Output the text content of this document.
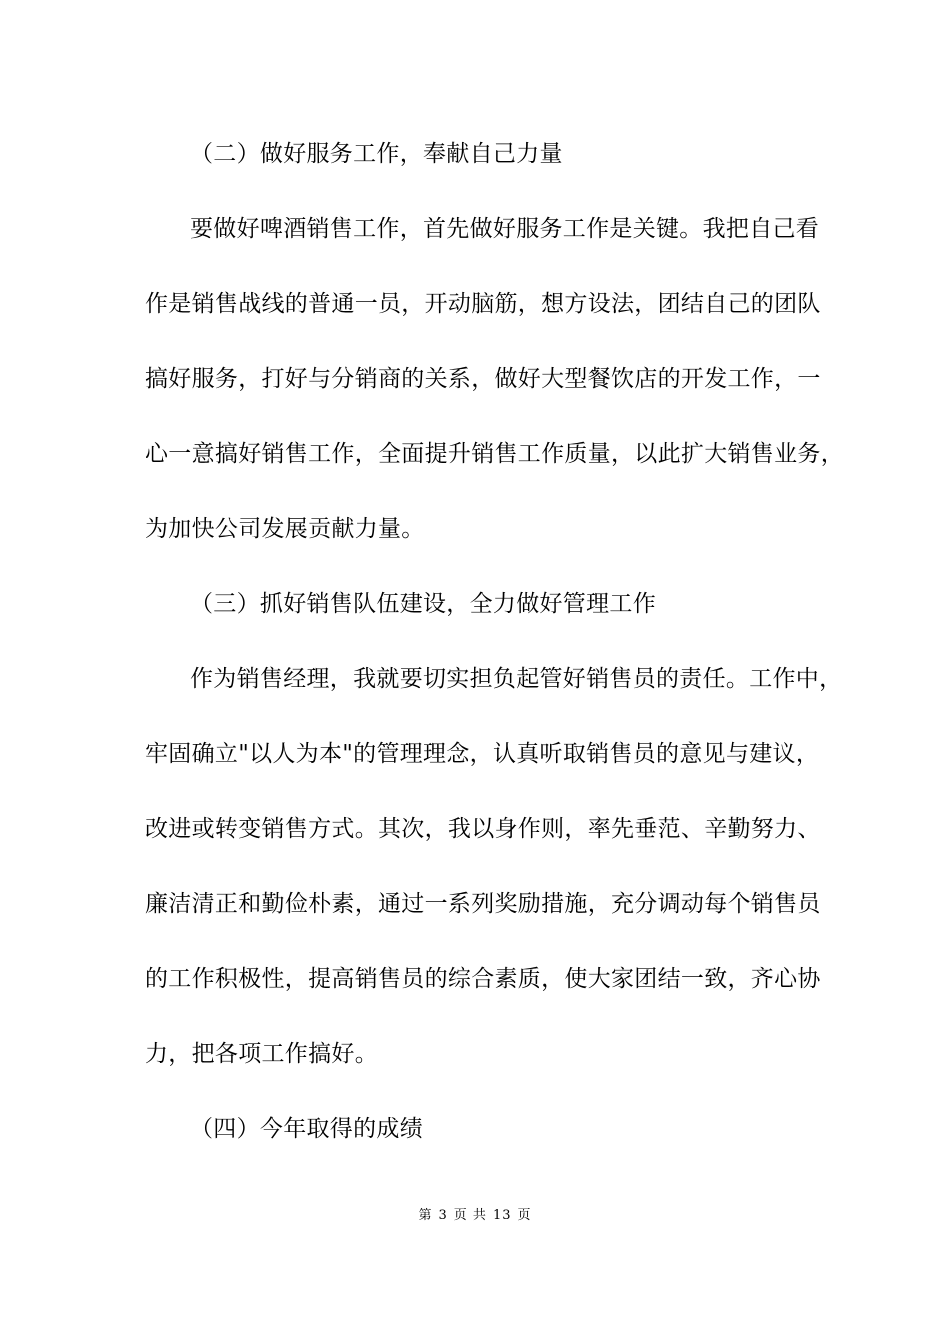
（二）做好服务工作，奉献自己力量
要做好啤酒销售工作，首先做好服务工作是关键。我把自己看
作是销售战线的普通一员，开动脑筋，想方设法，团结自己的团队
搞好服务，打好与分销商的关系，做好大型餐饮店的开发工作，一
心一意搞好销售工作，全面提升销售工作质量，以此扩大销售业务，
为加快公司发展贡献力量。
（三）抓好销售队伍建设，全力做好管理工作
作为销售经理，我就要切实担负起管好销售员的责任。工作中，
牢固确立"以人为本"的管理理念，认真听取销售员的意见与建议，
改进或转变销售方式。其次，我以身作则，率先垂范、辛勤努力、
廉洁清正和勤俭朴素，通过一系列奖励措施，充分调动每个销售员
的工作积极性，提高销售员的综合素质，使大家团结一致，齐心协
力，把各项工作搞好。
（四）今年取得的成绩
第 3 页 共 13 页
